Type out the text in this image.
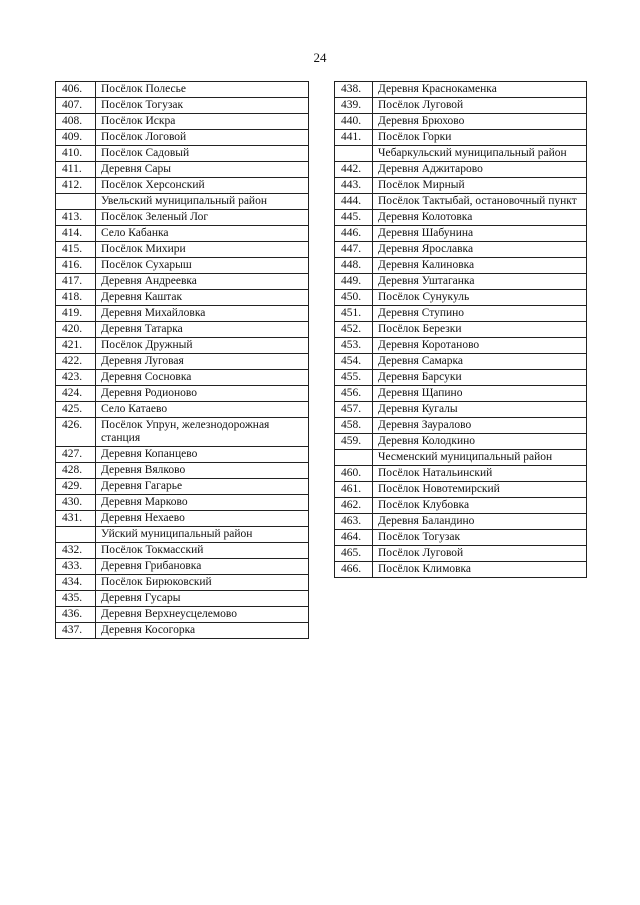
24
406.	Посёлок Полесье
407.	Посёлок Тогузак
408.	Посёлок Искра
409.	Посёлок Логовой
410.	Посёлок Садовый
411.	Деревня Сары
412.	Посёлок Херсонский
	Увельский муниципальный район
413.	Посёлок Зеленый Лог
414.	Село Кабанка
415.	Посёлок Михири
416.	Посёлок Сухарыш
417.	Деревня Андреевка
418.	Деревня Каштак
419.	Деревня Михайловка
420.	Деревня Татарка
421.	Посёлок Дружный
422.	Деревня Луговая
423.	Деревня Сосновка
424.	Деревня Родионово
425.	Село Катаево
426.	Посёлок Упрун, железнодорожная станция
427.	Деревня Копанцево
428.	Деревня Вялково
429.	Деревня Гагарье
430.	Деревня Марково
431.	Деревня Нехаево
	Уйский муниципальный район
432.	Посёлок Токмасский
433.	Деревня Грибановка
434.	Посёлок Бирюковский
435.	Деревня Гусары
436.	Деревня Верхнеусцелемово
437.	Деревня Косогорка
438.	Деревня Краснокаменка
439.	Посёлок Луговой
440.	Деревня Брюхово
441.	Посёлок Горки
	Чебаркульский муниципальный район
442.	Деревня Аджитарово
443.	Посёлок Мирный
444.	Посёлок Тактыбай, остановочный пункт
445.	Деревня Колотовка
446.	Деревня Шабунина
447.	Деревня Ярославка
448.	Деревня Калиновка
449.	Деревня Уштаганка
450.	Посёлок Сунукуль
451.	Деревня Ступино
452.	Посёлок Березки
453.	Деревня Коротаново
454.	Деревня Самарка
455.	Деревня Барсуки
456.	Деревня Щапино
457.	Деревня Кугалы
458.	Деревня Зауралово
459.	Деревня Колодкино
	Чесменский муниципальный район
460.	Посёлок Натальинский
461.	Посёлок Новотемирский
462.	Посёлок Клубовка
463.	Деревня Баландино
464.	Посёлок Тогузак
465.	Посёлок Луговой
466.	Посёлок Климовка
